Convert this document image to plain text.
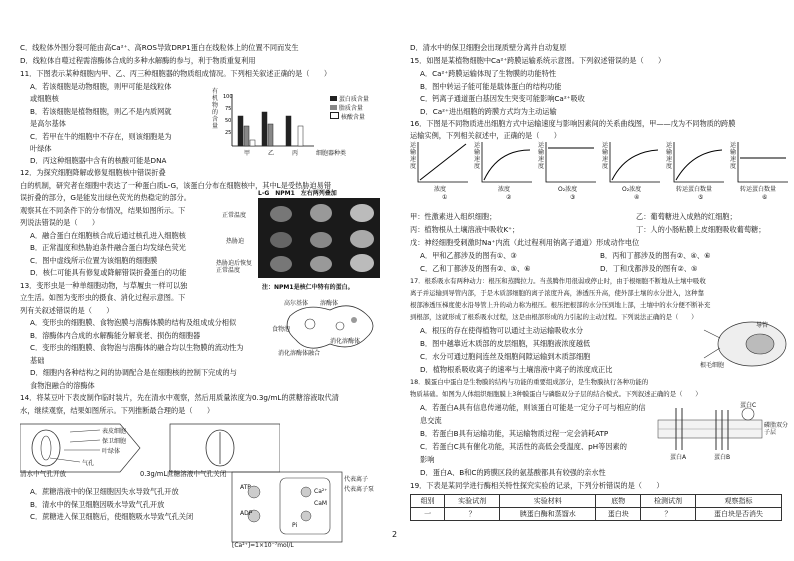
C．线粒体外围分裂可能由高Ca²⁺、高ROS导致DRP1蛋白在线粒体上的位置不同而发生
D．线粒体自噬过程需溶酶体合成的多种水解酶的参与，利于物质重复利用
11．下图表示某种细胞内甲、乙、丙三种细胞器的物质组成情况。下列相关叙述正确的是（　　）
A．若该细胞是动物细胞，则甲可能是线粒体
或细胞核
B．若该细胞是植物细胞，则乙不是内质网就
是高尔基体
C．若甲在牛的细胞中不存在，则该细胞是为
叶绿体
D．丙这种细胞器中含有的核酸可能是DNA
有机物的含量
100
75
50
25
甲	乙	丙	细胞器种类
蛋白质含量
脂质含量
核酸含量
12．为探究细胞降解或修复细胞核中错误折叠
白的机制，研究者在细胞中表达了一种蛋白质L-G，该蛋白分布在细胞核中，其中L是受热胁迫易错
误折叠的部分，G是能发出绿色荧光的热稳定的部分。
观察其在不同条件下的分布情况，结果如图所示。下
列说法错误的是（　　）
A．融合蛋白在细胞核合成后通过核孔进入细胞核
B．正常温度和热胁迫条件融合蛋白均发绿色荧光
C．图中虚线所示位置为该细胞的细胞膜
D．核仁可能具有修复或降解错误折叠蛋白的功能
L-G　NPM1　左右两列叠加
正常温度
热胁迫
热胁迫后恢复正常温度
注：NPM1是核仁中特有的蛋白。
13．变形虫是一种单细胞动物，与草履虫一样可以独
立生活。如图为变形虫的摄食、消化过程示意图。下
列有关叙述错误的是（　　）
高尔基体 溶酶体
食物泡
消化溶酶体
消化溶酶体融合
A．变形虫的细胞膜、食物泡膜与溶酶体膜的结构及组成成分相似
B．溶酶体内合成的水解酶能分解衰老、损伤的细胞器
C．变形虫的细胞膜、食物泡与溶酶体的融合均以生物膜的流动性为
基础
D．细胞内各种结构之间的协调配合是在细胞核的控制下完成的与
食物泡融合的溶酶体
14．将某豆叶下表皮制作临时装片，先在清水中观察，然后用质量浓度为0.3g/mL的蔗糖溶液取代清
水，继续观察，结果如图所示。下列推断最合理的是（　　）
表皮细胞
保卫细胞
叶绿体
气孔
清水中气孔开放	0.3g/mL蔗糖溶液中气孔关闭
A．蔗糖溶液中的保卫细胞因失水导致气孔开放
B．清水中的保卫细胞因吸水导致气孔开放
C．蔗糖进入保卫细胞后，使细胞吸水导致气孔关闭
ATP
ADP
Ca²⁺
CaM
Pi
代表离子
代表离子泵
[Ca²⁺]=1×10⁻⁷mol/L
D．清水中的保卫细胞会出现质壁分离并自动复原
15．如图是某植物细胞中Ca²⁺跨膜运输系统示意图。下列叙述错误的是（　　）
A．Ca²⁺跨膜运输体现了生物膜的功能特性
B．图中转运子能可能是载体蛋白的结构功能
C．钙离子通道蛋白基因发生突变可能影响Ca²⁺吸收
D．Ca²⁺进出细胞的跨膜方式均为主动运输
16．下图是不同物质进出细胞方式中运输速度与影响因素间的关系曲线图，甲——戊为不同物质的跨膜
运输实例，下列相关叙述中，正确的是（　　）
运输速度
运输速度
运输速度
运输速度
运输速度
运输速度
浓度	浓度	O₂浓度	O₂浓度	转运蛋白数量	转运蛋白数量
①	②	③	④	⑤	⑥
甲：性激素进入组织细胞；	乙：葡萄糖进入成熟的红细胞；
丙：植物根从土壤溶液中吸收K⁺；	丁：人的小肠粘膜上皮细胞吸收葡萄糖；
戊：神经细胞受刺激时Na⁺内流（此过程利用钠离子通道）形成动作电位
A．甲和乙都涉及的图有①、③	B．丙和丁都涉及的图有②、④、⑥
C．乙和丁都涉及的图有②、⑤、⑥	D．丁和戊都涉及的图有②、⑤
17．根系吸水有两种动力：根压和蒸腾拉力。当蒸腾作用很弱或停止时，由于根细胞不断地从土壤中吸收
离子并运输到导管内部，于是木质部细胞的离子浓度升高，渗透压升高，使外部土壤的水分进入，这种靠
根部渗透压梯度使水沿导管上升的动力称为根压。根压把根部的水分压到地上部，土壤中的水分便不断补充
到根部，这就形成了根系吸水过程，这是由根部形成的力引起的主动过程。下列说法正确的是（　　）
A．根压的存在使得植物可以通过主动运输吸收水分
B．图中越靠近木质部的皮层细胞，其细胞液浓度越低
C．水分可通过胞间连丝及细胞间隙运输到木质部细胞
D．植物根系吸收离子的速率与土壤溶液中离子的浓度成正比	根毛细胞
导管
18．膜蛋白中蛋白是生物膜的结构与功能的重要组成部分，是生物膜执行各种功能的
物质基础。如图为人体组织细胞膜上3种膜蛋白与磷脂双分子层的结合模式。下列叙述正确的是（　　）
A．若蛋白A具有信息传递功能，则该蛋白可能是一定分子可与相应的信
息交流
B．若蛋白B具有运输功能，其运输物质过程一定会消耗ATP
C．若蛋白C具有催化功能，其活性的高低会受温度、pH等因素的
影响
D．蛋白A、B和C的跨膜区段的氨基酸都具有较强的亲水性
蛋白C
磷脂双分子层
蛋白A	蛋白B
19．下表是某同学进行酶相关特性探究实验的记录，下列分析错误的是（　　）
组别	实验试剂	实验材料	底物	检测试剂	观察指标
一	？	胰蛋白酶和蒸馏水	蛋白块	？	蛋白块是否消失
2
